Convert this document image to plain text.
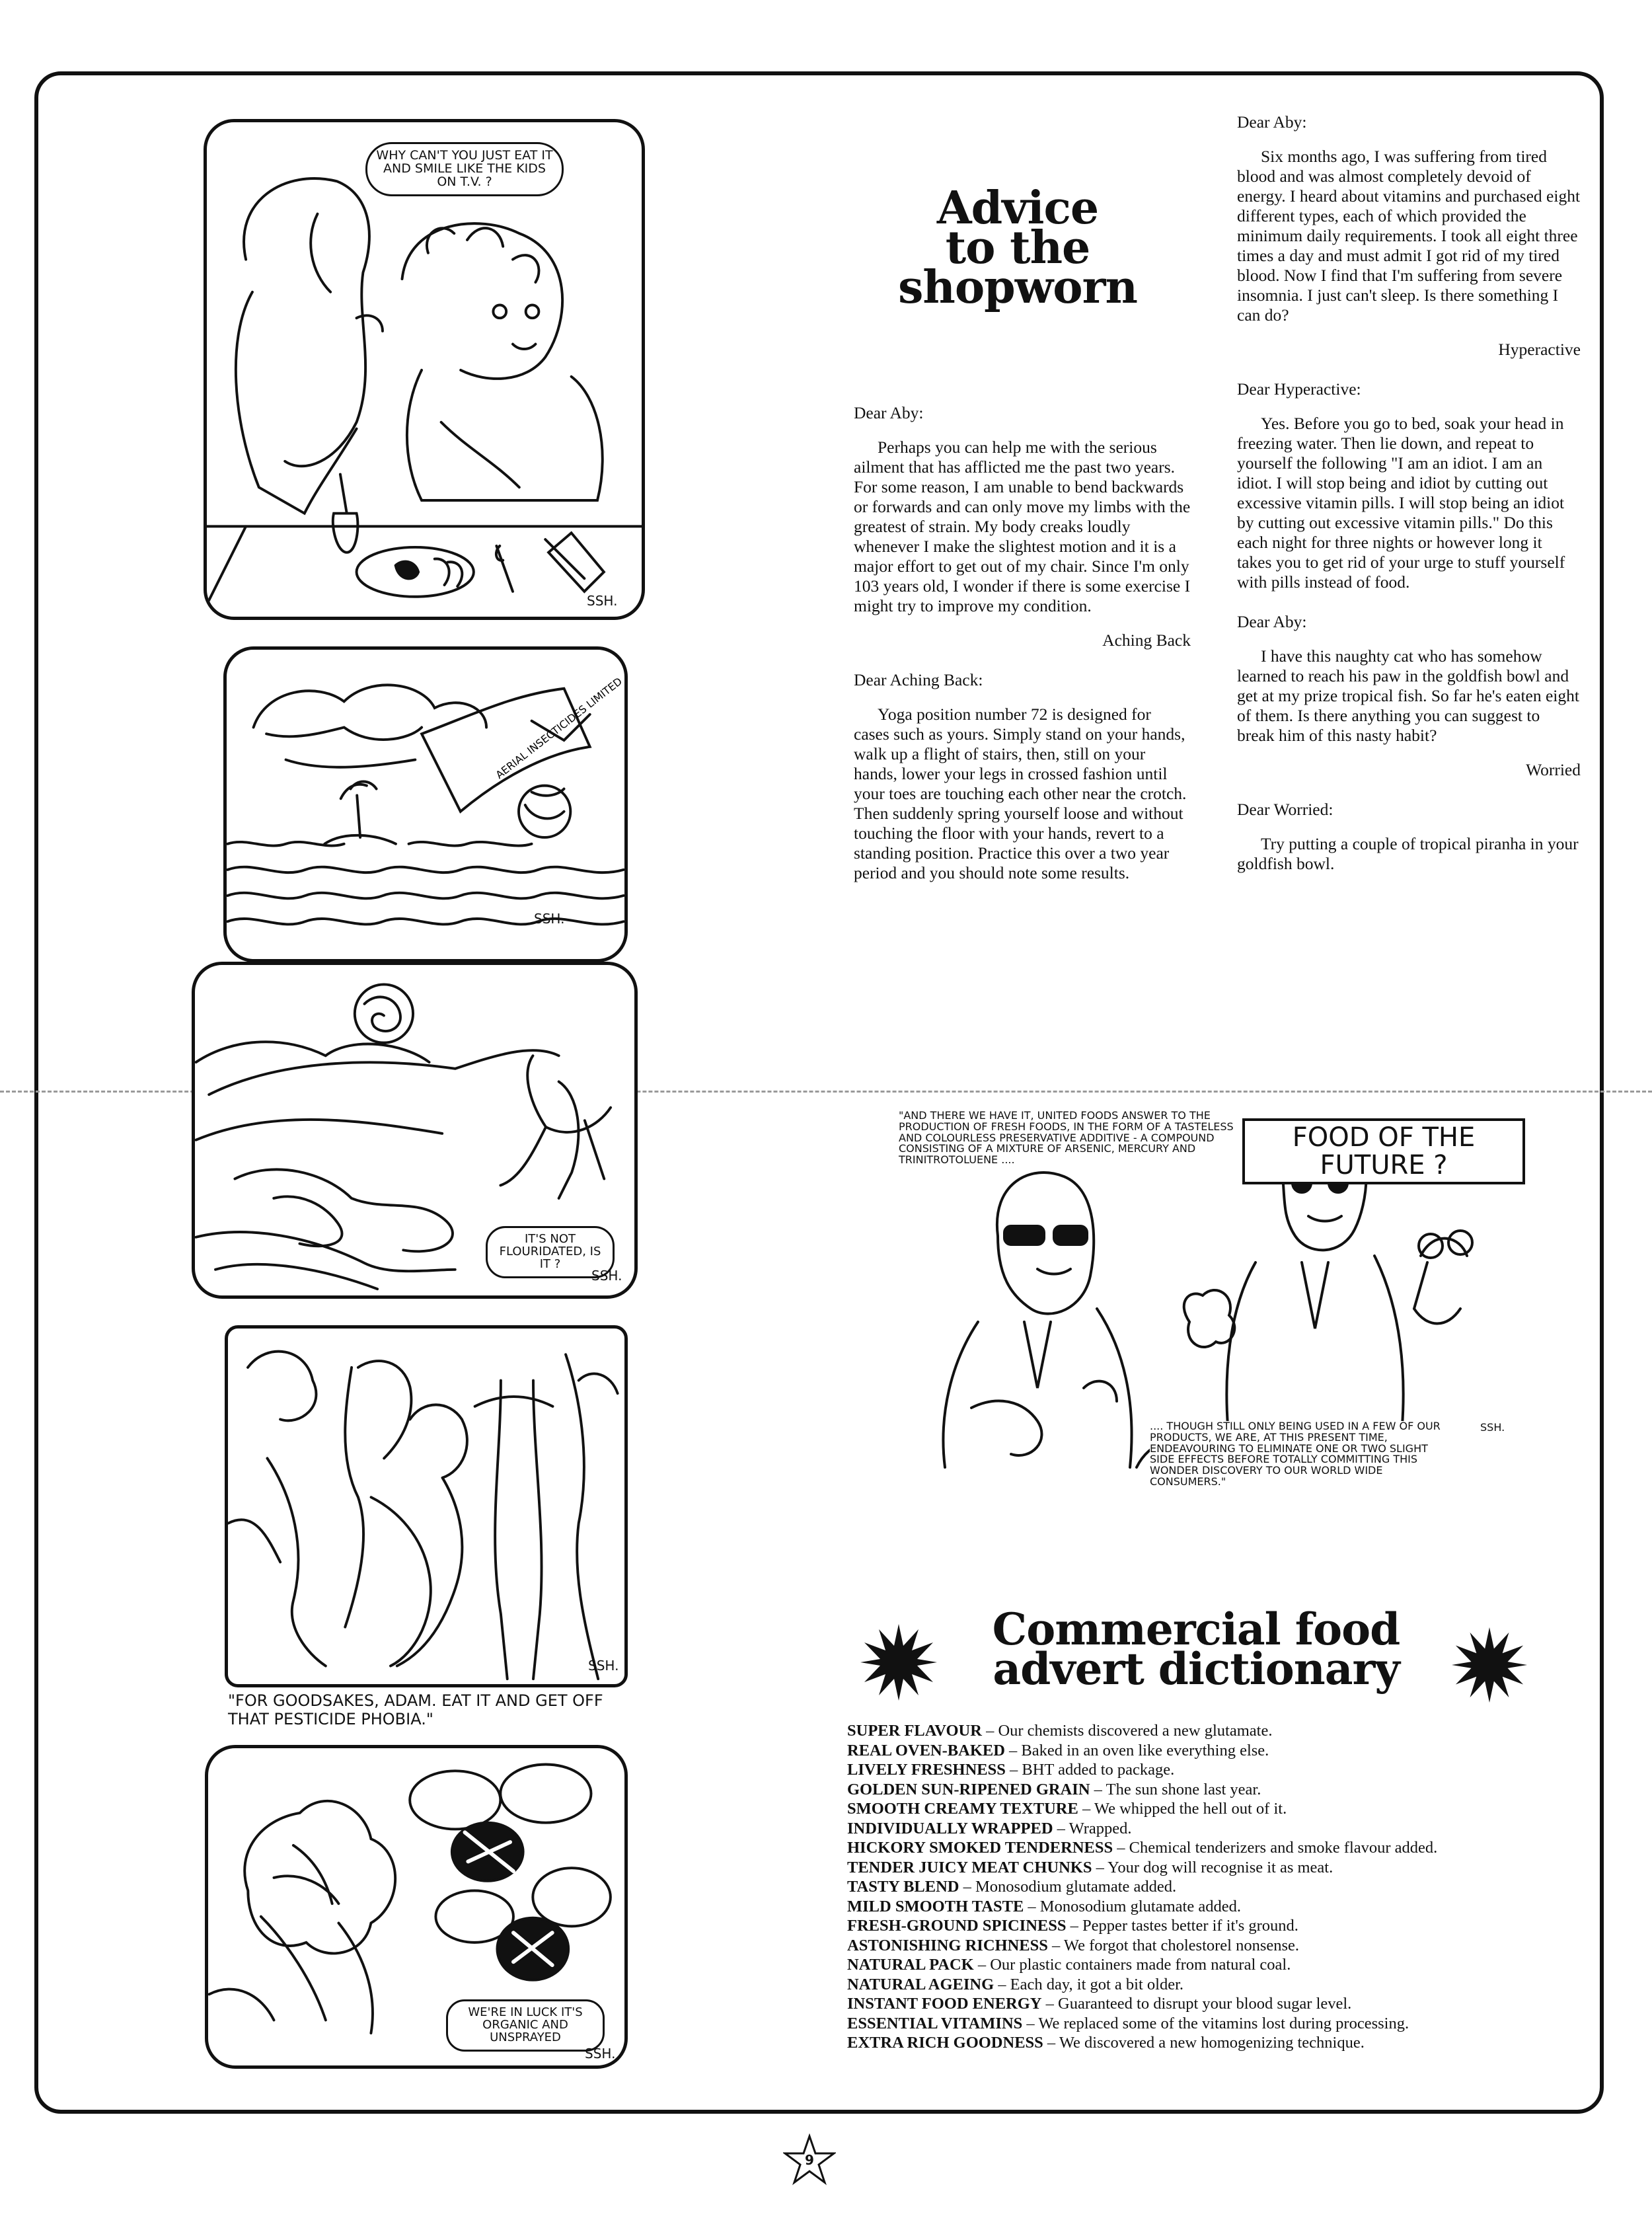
WHY CAN'T YOU JUST EAT IT AND SMILE LIKE THE KIDS ON T.V. ?
SSH.
AERIAL INSECTICIDES LIMITED
SSH.
IT'S NOT FLOURIDATED, IS IT ?
SSH.
SSH.
"FOR GOODSAKES, ADAM. EAT IT AND GET OFF THAT PESTICIDE PHOBIA."
WE'RE IN LUCK IT'S ORGANIC AND UNSPRAYED
SSH.
Advice
to the
shopworn

Dear Aby:

Perhaps you can help me with the serious ailment that has afflicted me the past two years. For some reason, I am unable to bend backwards or forwards and can only move my limbs with the greatest of strain. My body creaks loudly whenever I make the slightest motion and it is a major effort to get out of my chair. Since I'm only 103 years old, I wonder if there is some exercise I might try to improve my condition.

Aching Back

Dear Aching Back:

Yoga position number 72 is designed for cases such as yours. Simply stand on your hands, walk up a flight of stairs, then, still on your hands, lower your legs in crossed fashion until your toes are touching each other near the crotch. Then suddenly spring yourself loose and without touching the floor with your hands, revert to a standing position. Practice this over a two year period and you should note some results.

Dear Aby:

Six months ago, I was suffering from tired blood and was almost completely devoid of energy. I heard about vitamins and purchased eight different types, each of which provided the minimum daily requirements. I took all eight three times a day and must admit I got rid of my tired blood. Now I find that I'm suffering from severe insomnia. I just can't sleep. Is there something I can do?

Hyperactive

Dear Hyperactive:

Yes. Before you go to bed, soak your head in freezing water. Then lie down, and repeat to yourself the following "I am an idiot. I am an idiot. I will stop being and idiot by cutting out excessive vitamin pills. I will stop being an idiot by cutting out excessive vitamin pills." Do this each night for three nights or however long it takes you to get rid of your urge to stuff yourself with pills instead of food.

Dear Aby:

I have this naughty cat who has somehow learned to reach his paw in the goldfish bowl and get at my prize tropical fish. So far he's eaten eight of them. Is there anything you can suggest to break him of this nasty habit?

Worried

Dear Worried:

Try putting a couple of tropical piranha in your goldfish bowl.

"AND THERE WE HAVE IT, UNITED FOODS ANSWER TO THE PRODUCTION OF FRESH FOODS, IN THE FORM OF A TASTELESS AND COLOURLESS PRESERVATIVE ADDITIVE - A COMPOUND CONSISTING OF A MIXTURE OF ARSENIC, MERCURY AND TRINITROTOLUENE ....
FOOD OF THE FUTURE ?
.... THOUGH STILL ONLY BEING USED IN A FEW OF OUR PRODUCTS, WE ARE, AT THIS PRESENT TIME, ENDEAVOURING TO ELIMINATE ONE OR TWO SLIGHT SIDE EFFECTS BEFORE TOTALLY COMMITTING THIS WONDER DISCOVERY TO OUR WORLD WIDE CONSUMERS."
SSH.
Commercial food
advert dictionary
SUPER FLAVOUR – Our chemists discovered a new glutamate.
REAL OVEN-BAKED – Baked in an oven like everything else.
LIVELY FRESHNESS – BHT added to package.
GOLDEN SUN-RIPENED GRAIN – The sun shone last year.
SMOOTH CREAMY TEXTURE – We whipped the hell out of it.
INDIVIDUALLY WRAPPED – Wrapped.
HICKORY SMOKED TENDERNESS – Chemical tenderizers and smoke flavour added.
TENDER JUICY MEAT CHUNKS – Your dog will recognise it as meat.
TASTY BLEND – Monosodium glutamate added.
MILD SMOOTH TASTE – Monosodium glutamate added.
FRESH-GROUND SPICINESS – Pepper tastes better if it's ground.
ASTONISHING RICHNESS – We forgot that cholestorel nonsense.
NATURAL PACK – Our plastic containers made from natural coal.
NATURAL AGEING – Each day, it got a bit older.
INSTANT FOOD ENERGY – Guaranteed to disrupt your blood sugar level.
ESSENTIAL VITAMINS – We replaced some of the vitamins lost during processing.
EXTRA RICH GOODNESS – We discovered a new homogenizing technique.
9
